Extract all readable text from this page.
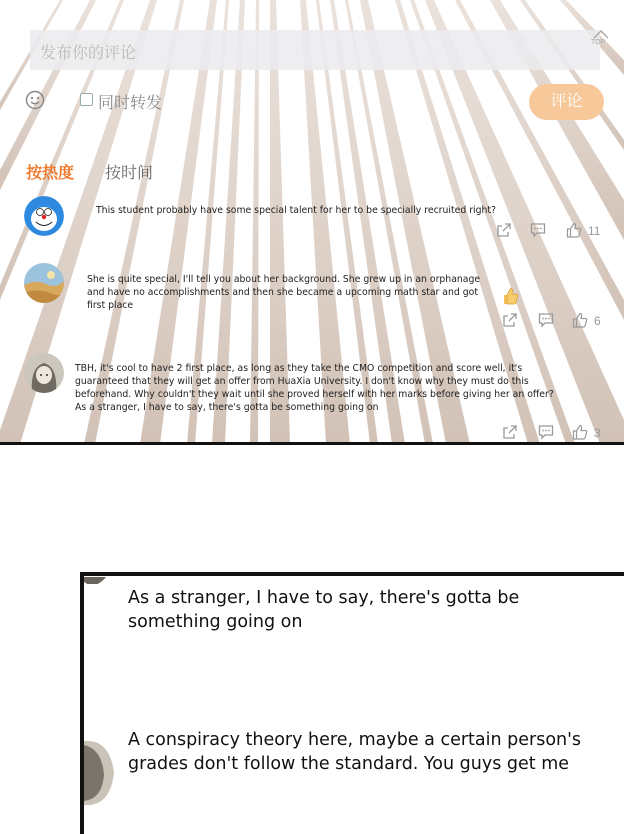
发布你的评论
TOP
同时转发	评论
按热度 按时间
This student probably have some special talent for her to be specially recruited right?
11
She is quite special, I'll tell you about her background. She grew up in an orphanage
and have no accomplishments and then she became a upcoming math star and got
first place
6
TBH, it's cool to have 2 first place, as long as they take the CMO competition and score well, it's
guaranteed that they will get an offer from HuaXia University. I don't know why they must do this
beforehand. Why couldn't they wait until she proved herself with her marks before giving her an offer?
As a stranger, I have to say, there's gotta be something going on
3
As a stranger, I have to say, there's gotta be
something going on
A conspiracy theory here, maybe a certain person's
grades don't follow the standard. You guys get me
